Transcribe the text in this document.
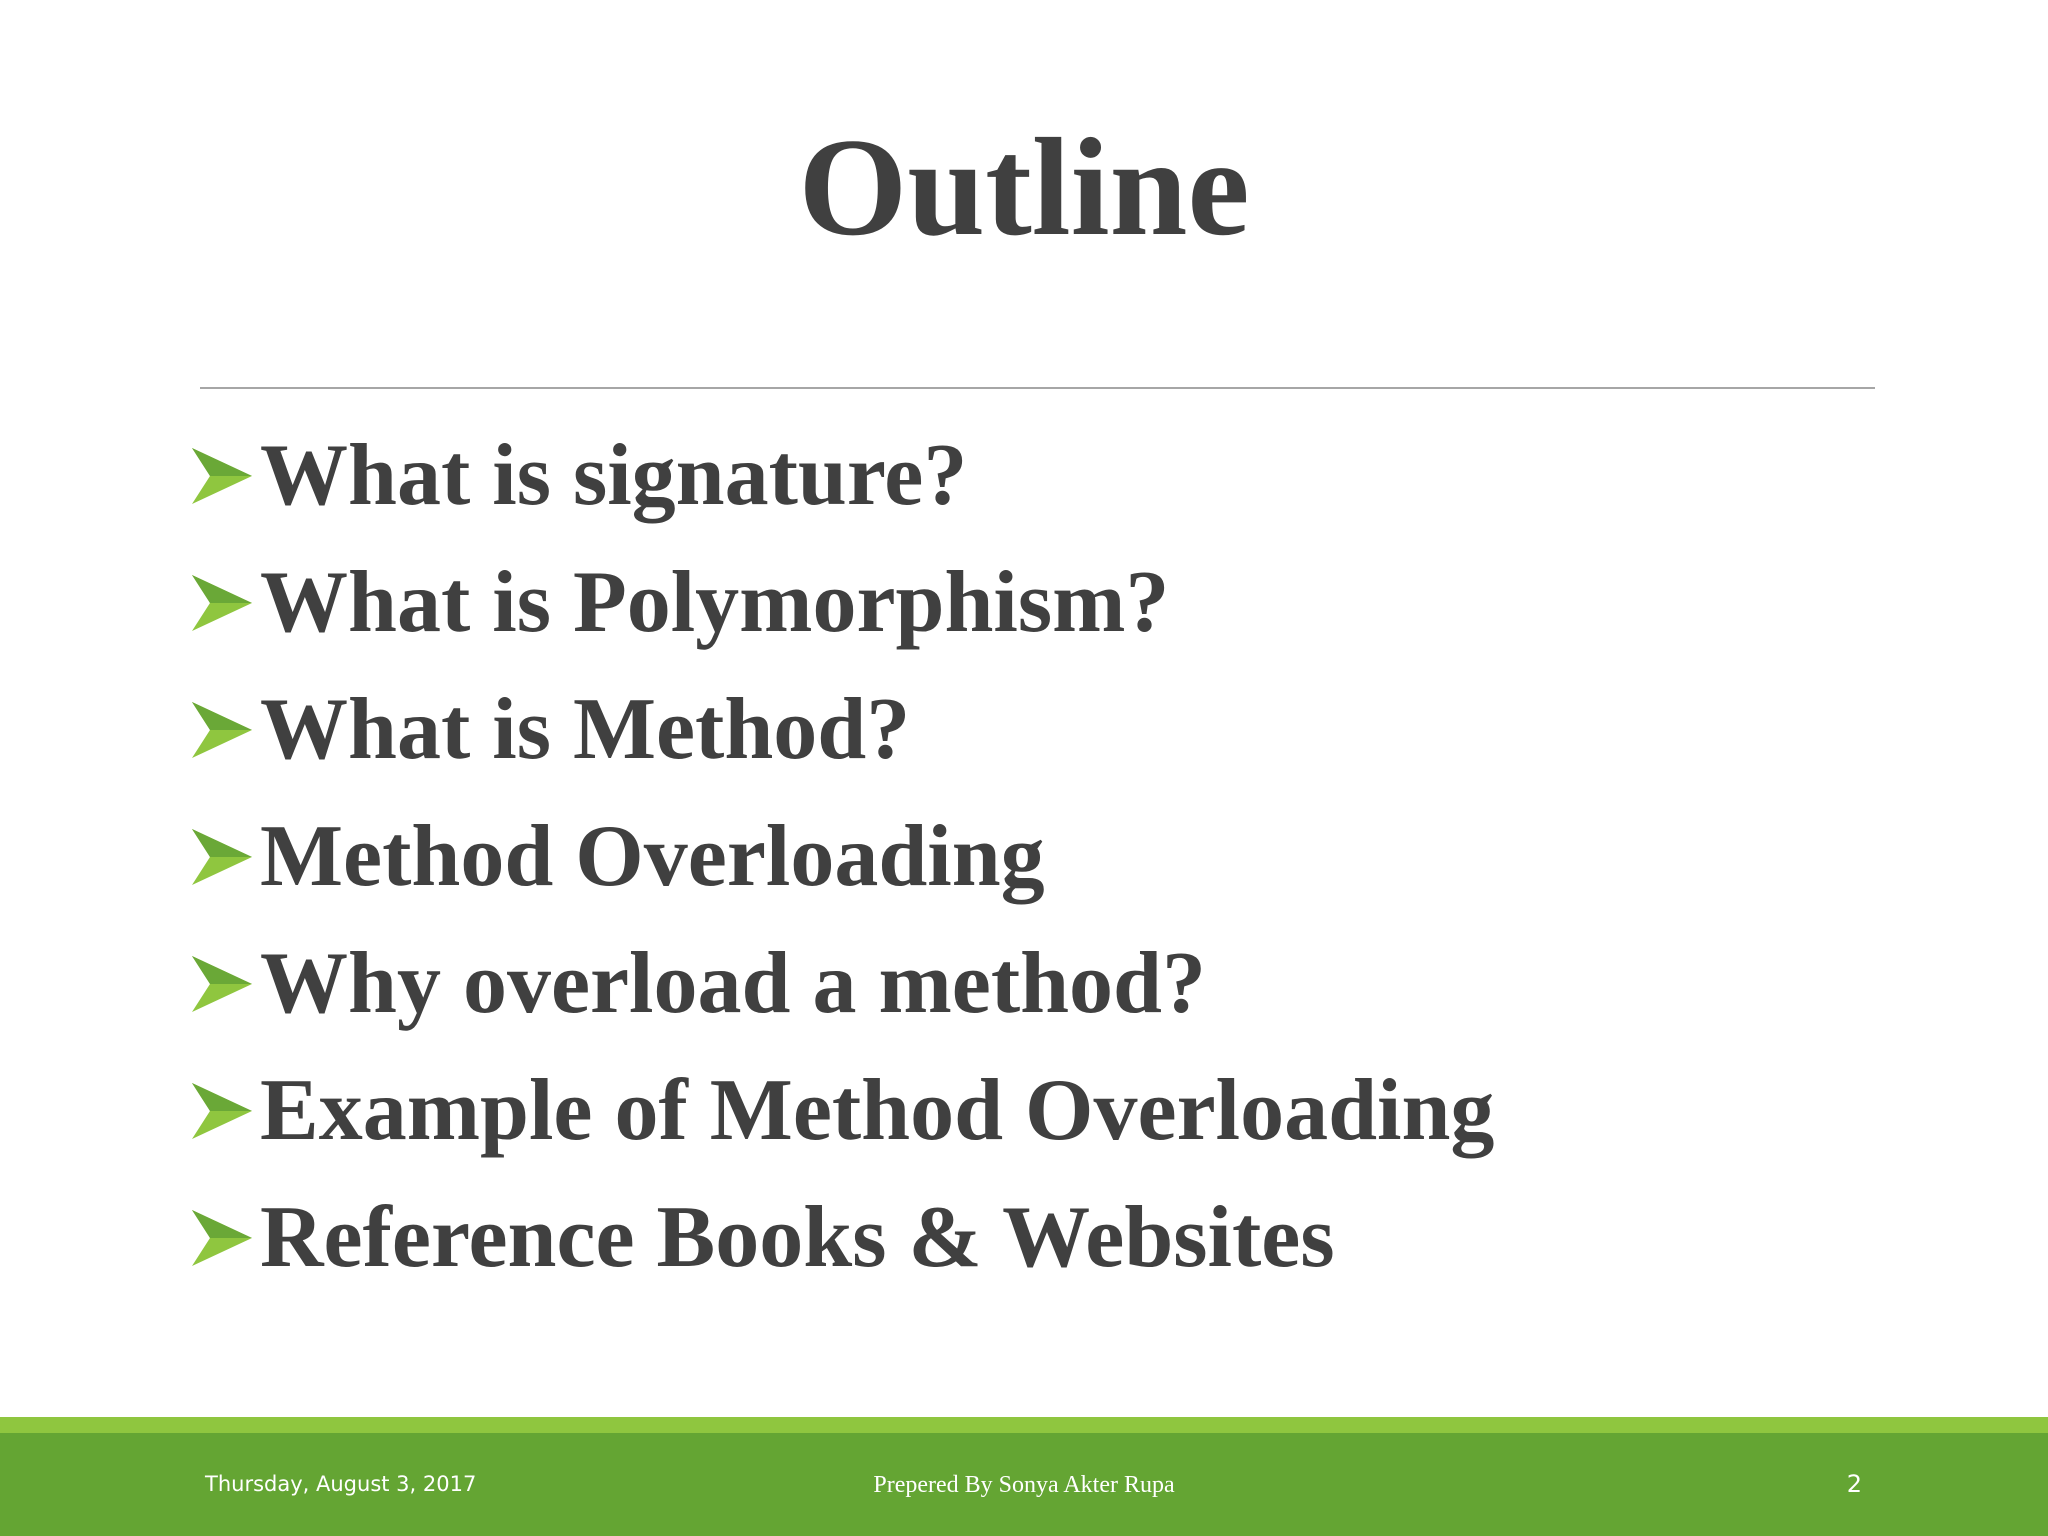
Outline
What is signature?
What is Polymorphism?
What is Method?
Method Overloading
Why overload a method?
Example of Method Overloading
Reference Books & Websites
Thursday, August 3, 2017	Prepered By Sonya Akter Rupa	2
